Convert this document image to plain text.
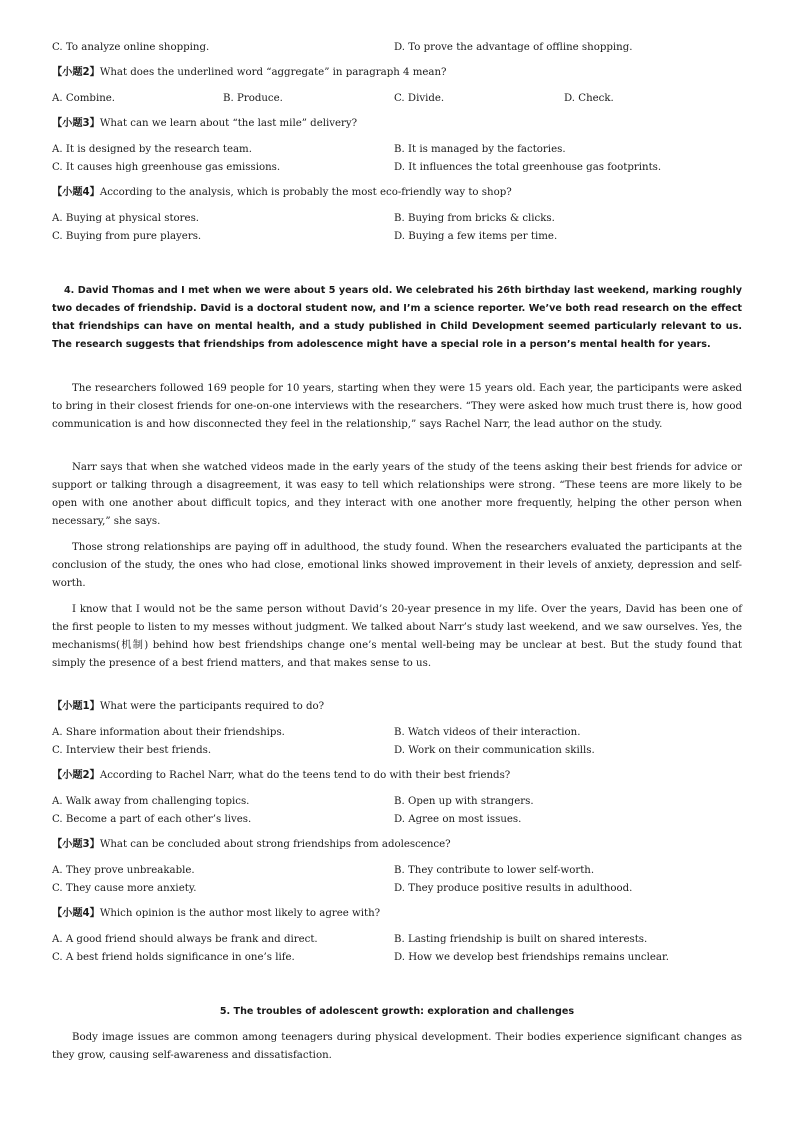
C. To analyze online shopping.	D. To prove the advantage of offline shopping.
【小题2】What does the underlined word “aggregate” in paragraph 4 mean?
A. Combine.	B. Produce.	C. Divide.	D. Check.
【小题3】What can we learn about “the last mile” delivery?
A. It is designed by the research team.	B. It is managed by the factories.
C. It causes high greenhouse gas emissions.	D. It influences the total greenhouse gas footprints.
【小题4】According to the analysis, which is probably the most eco-friendly way to shop?
A. Buying at physical stores.	B. Buying from bricks & clicks.
C. Buying from pure players.	D. Buying a few items per time.
4. David Thomas and I met when we were about 5 years old. We celebrated his 26th birthday last weekend, marking roughly two decades of friendship. David is a doctoral student now, and I’m a science reporter. We’ve both read research on the effect that friendships can have on mental health, and a study published in Child Development seemed particularly relevant to us. The research suggests that friendships from adolescence might have a special role in a person’s mental health for years.
The researchers followed 169 people for 10 years, starting when they were 15 years old. Each year, the participants were asked to bring in their closest friends for one-on-one interviews with the researchers. “They were asked how much trust there is, how good communication is and how disconnected they feel in the relationship,” says Rachel Narr, the lead author on the study.
Narr says that when she watched videos made in the early years of the study of the teens asking their best friends for advice or support or talking through a disagreement, it was easy to tell which relationships were strong. “These teens are more likely to be open with one another about difficult topics, and they interact with one another more frequently, helping the other person when necessary,” she says.
Those strong relationships are paying off in adulthood, the study found. When the researchers evaluated the participants at the conclusion of the study, the ones who had close, emotional links showed improvement in their levels of anxiety, depression and self-worth.
I know that I would not be the same person without David’s 20-year presence in my life. Over the years, David has been one of the first people to listen to my messes without judgment. We talked about Narr’s study last weekend, and we saw ourselves. Yes, the mechanisms(机制) behind how best friendships change one’s mental well-being may be unclear at best. But the study found that simply the presence of a best friend matters, and that makes sense to us.
【小题1】What were the participants required to do?
A. Share information about their friendships.	B. Watch videos of their interaction.
C. Interview their best friends.	D. Work on their communication skills.
【小题2】According to Rachel Narr, what do the teens tend to do with their best friends?
A. Walk away from challenging topics.	B. Open up with strangers.
C. Become a part of each other’s lives.	D. Agree on most issues.
【小题3】What can be concluded about strong friendships from adolescence?
A. They prove unbreakable.	B. They contribute to lower self-worth.
C. They cause more anxiety.	D. They produce positive results in adulthood.
【小题4】Which opinion is the author most likely to agree with?
A. A good friend should always be frank and direct.	B. Lasting friendship is built on shared interests.
C. A best friend holds significance in one’s life.	D. How we develop best friendships remains unclear.
5. The troubles of adolescent growth: exploration and challenges
Body image issues are common among teenagers during physical development. Their bodies experience significant changes as they grow, causing self-awareness and dissatisfaction.
